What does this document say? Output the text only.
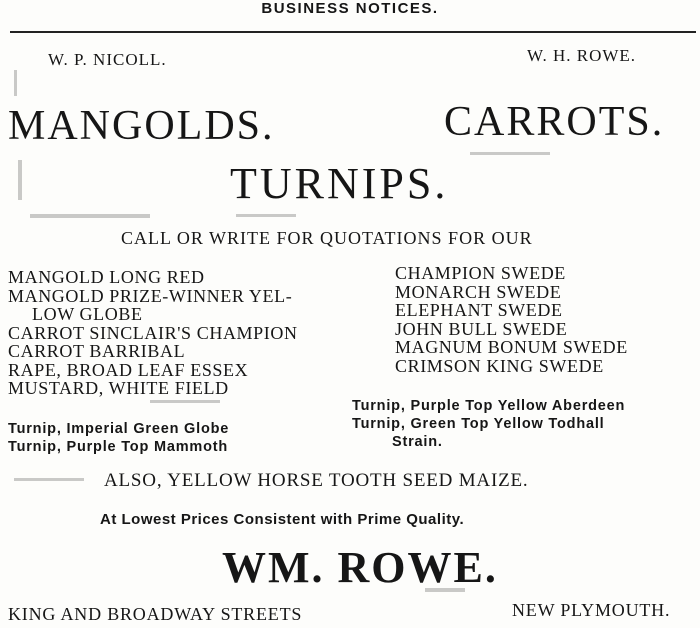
BUSINESS NOTICES.
W. P. NICOLL.	W. H. ROWE.
MANGOLDS.	CARROTS.
TURNIPS.
CALL OR WRITE FOR QUOTATIONS FOR OUR
MANGOLD LONG RED
MANGOLD PRIZE-WINNER YEL-
LOW GLOBE
CARROT SINCLAIR'S CHAMPION
CARROT BARRIBAL
RAPE, BROAD LEAF ESSEX
MUSTARD, WHITE FIELD
CHAMPION SWEDE
MONARCH SWEDE
ELEPHANT SWEDE
JOHN BULL SWEDE
MAGNUM BONUM SWEDE
CRIMSON KING SWEDE
Turnip, Imperial Green Globe
Turnip, Purple Top Mammoth
Turnip, Purple Top Yellow Aberdeen
Turnip, Green Top Yellow Todhall
Strain.
ALSO, YELLOW HORSE TOOTH SEED MAIZE.
At Lowest Prices Consistent with Prime Quality.
WM. ROWE.
KING AND BROADWAY STREETS	NEW PLYMOUTH.
